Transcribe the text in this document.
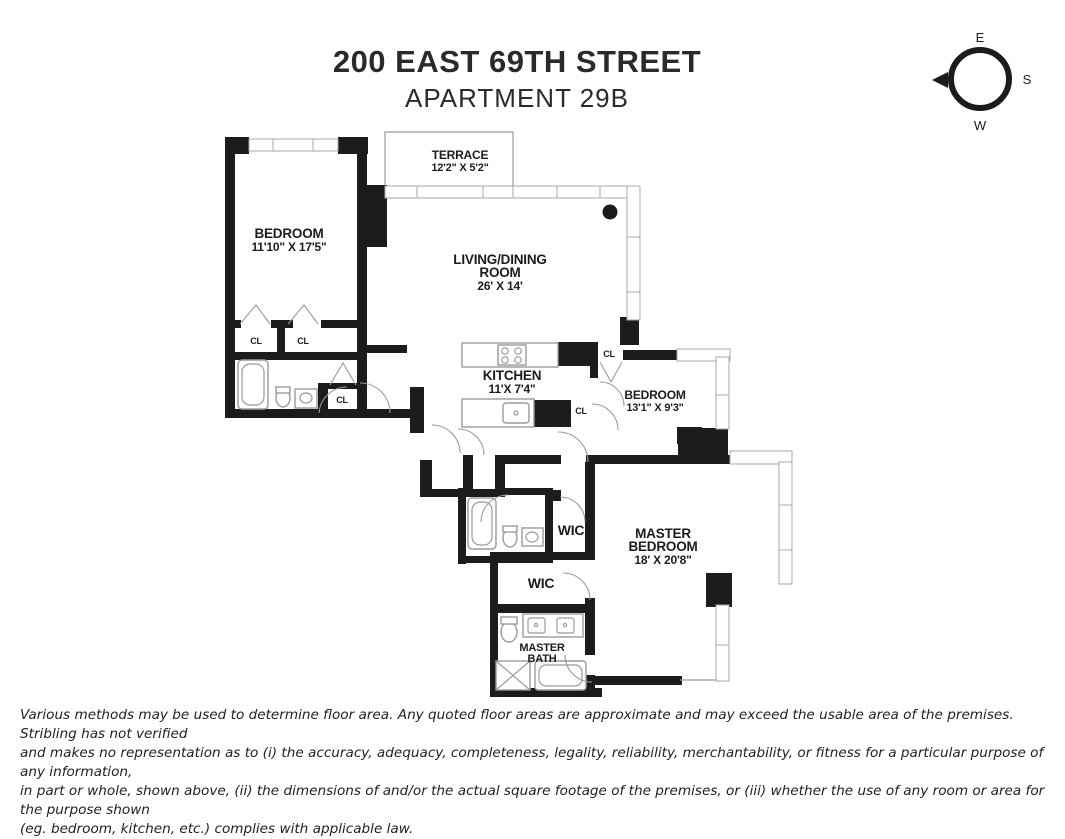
200 EAST 69TH STREET
APARTMENT 29B
E
S
W
TERRACE
12'2" X 5'2"
BEDROOM
11'10" X 17'5"
LIVING/DINING
ROOM
26' X 14'
KITCHEN
11'X 7'4"	BEDROOM
13'1" X 9'3"
MASTER
BEDROOM
18' X 20'8"
MASTER
BATH
WIC
WIC
CL	CL
CL
CL
CL
Various methods may be used to determine floor area. Any quoted floor areas are approximate and may exceed the usable area of the premises. Stribling has not verified
and makes no representation as to (i) the accuracy, adequacy, completeness, legality, reliability, merchantability, or fitness for a particular purpose of any information,
in part or whole, shown above, (ii) the dimensions of and/or the actual square footage of the premises, or (iii) whether the use of any room or area for the purpose shown
(eg. bedroom, kitchen, etc.) complies with applicable law.
